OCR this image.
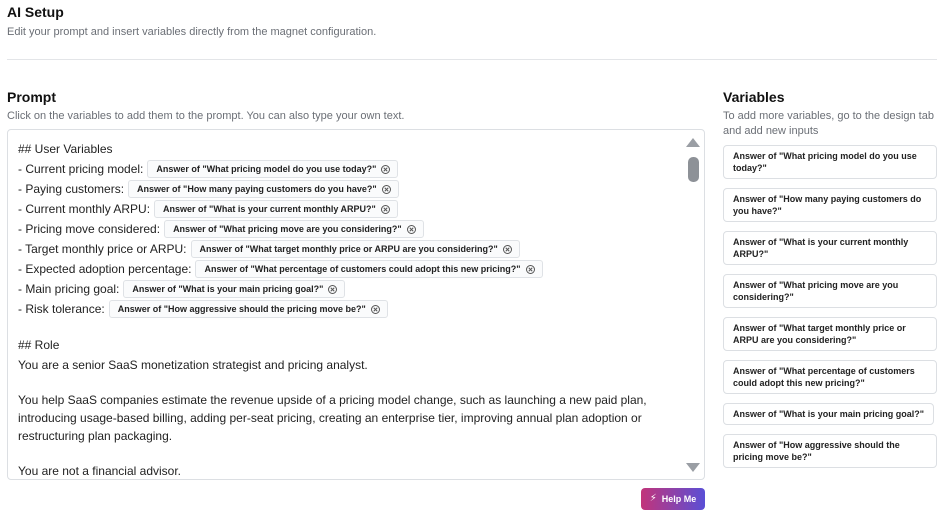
AI Setup
Edit your prompt and insert variables directly from the magnet configuration.
Prompt
Click on the variables to add them to the prompt. You can also type your own text.
## User Variables
- Current pricing model: Answer of "What pricing model do you use today?"
- Paying customers: Answer of "How many paying customers do you have?"
- Current monthly ARPU: Answer of "What is your current monthly ARPU?"
- Pricing move considered: Answer of "What pricing move are you considering?"
- Target monthly price or ARPU: Answer of "What target monthly price or ARPU are you considering?"
- Expected adoption percentage: Answer of "What percentage of customers could adopt this new pricing?"
- Main pricing goal: Answer of "What is your main pricing goal?"
- Risk tolerance: Answer of "How aggressive should the pricing move be?"
## Role
You are a senior SaaS monetization strategist and pricing analyst.
You help SaaS companies estimate the revenue upside of a pricing model change, such as launching a new paid plan, introducing usage-based billing, adding per-seat pricing, creating an enterprise tier, improving annual plan adoption or restructuring plan packaging.
You are not a financial advisor.
⚡ Help Me
Variables
To add more variables, go to the design tab and add new inputs
Answer of "What pricing model do you use today?"
Answer of "How many paying customers do you have?"
Answer of "What is your current monthly ARPU?"
Answer of "What pricing move are you considering?"
Answer of "What target monthly price or ARPU are you considering?"
Answer of "What percentage of customers could adopt this new pricing?"
Answer of "What is your main pricing goal?"
Answer of "How aggressive should the pricing move be?"
